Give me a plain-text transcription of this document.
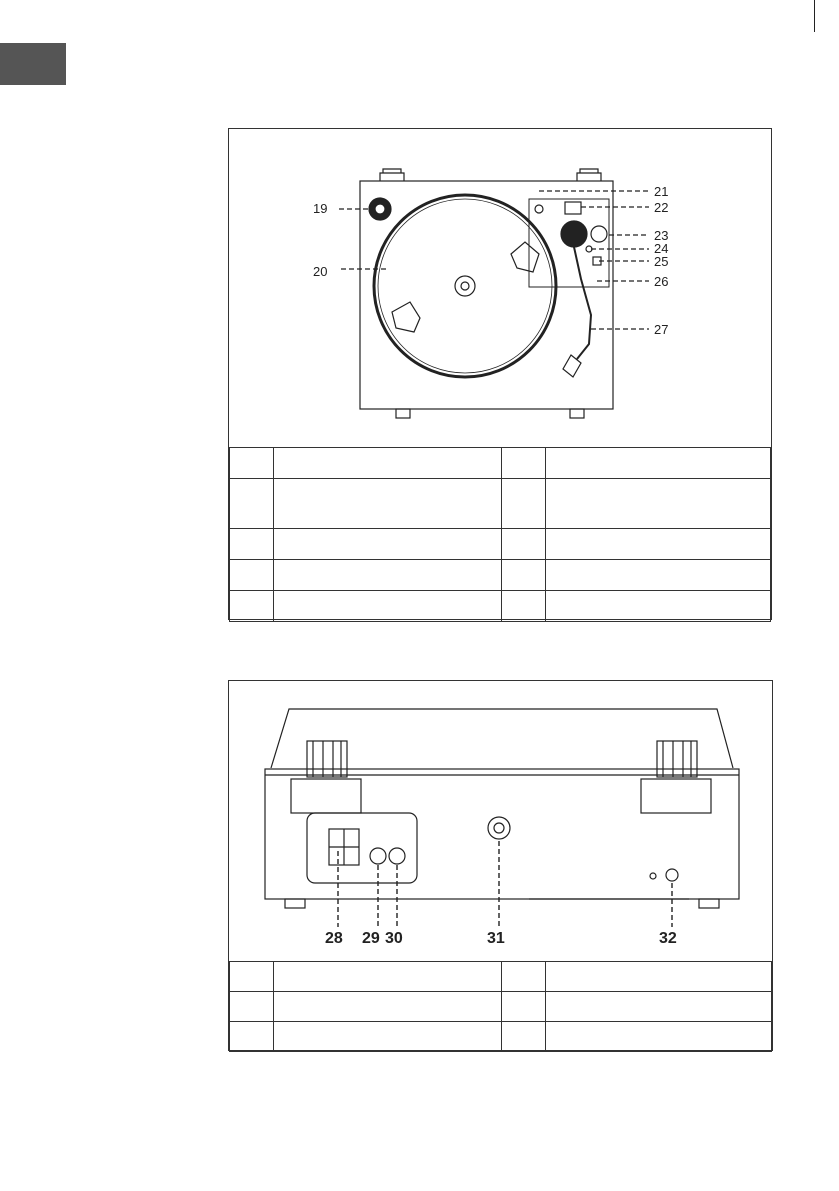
19
20
21
22
23
24
25
26
27

28 29 30	31	32
